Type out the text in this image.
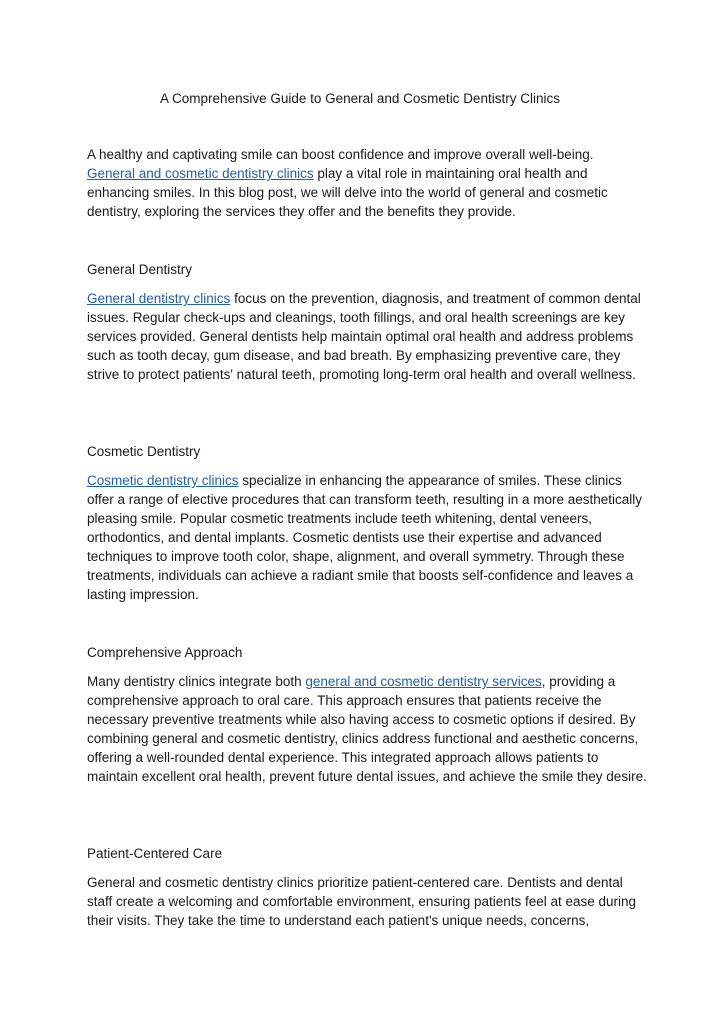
A Comprehensive Guide to General and Cosmetic Dentistry Clinics
A healthy and captivating smile can boost confidence and improve overall well-being.
General and cosmetic dentistry clinics play a vital role in maintaining oral health and enhancing smiles. In this blog post, we will delve into the world of general and cosmetic dentistry, exploring the services they offer and the benefits they provide.
General Dentistry
General dentistry clinics focus on the prevention, diagnosis, and treatment of common dental issues. Regular check-ups and cleanings, tooth fillings, and oral health screenings are key services provided. General dentists help maintain optimal oral health and address problems such as tooth decay, gum disease, and bad breath. By emphasizing preventive care, they strive to protect patients' natural teeth, promoting long-term oral health and overall wellness.
Cosmetic Dentistry
Cosmetic dentistry clinics specialize in enhancing the appearance of smiles. These clinics offer a range of elective procedures that can transform teeth, resulting in a more aesthetically pleasing smile. Popular cosmetic treatments include teeth whitening, dental veneers, orthodontics, and dental implants. Cosmetic dentists use their expertise and advanced techniques to improve tooth color, shape, alignment, and overall symmetry. Through these treatments, individuals can achieve a radiant smile that boosts self-confidence and leaves a lasting impression.
Comprehensive Approach
Many dentistry clinics integrate both general and cosmetic dentistry services, providing a comprehensive approach to oral care. This approach ensures that patients receive the necessary preventive treatments while also having access to cosmetic options if desired. By combining general and cosmetic dentistry, clinics address functional and aesthetic concerns, offering a well-rounded dental experience. This integrated approach allows patients to maintain excellent oral health, prevent future dental issues, and achieve the smile they desire.
Patient-Centered Care
General and cosmetic dentistry clinics prioritize patient-centered care. Dentists and dental staff create a welcoming and comfortable environment, ensuring patients feel at ease during their visits. They take the time to understand each patient's unique needs, concerns,
